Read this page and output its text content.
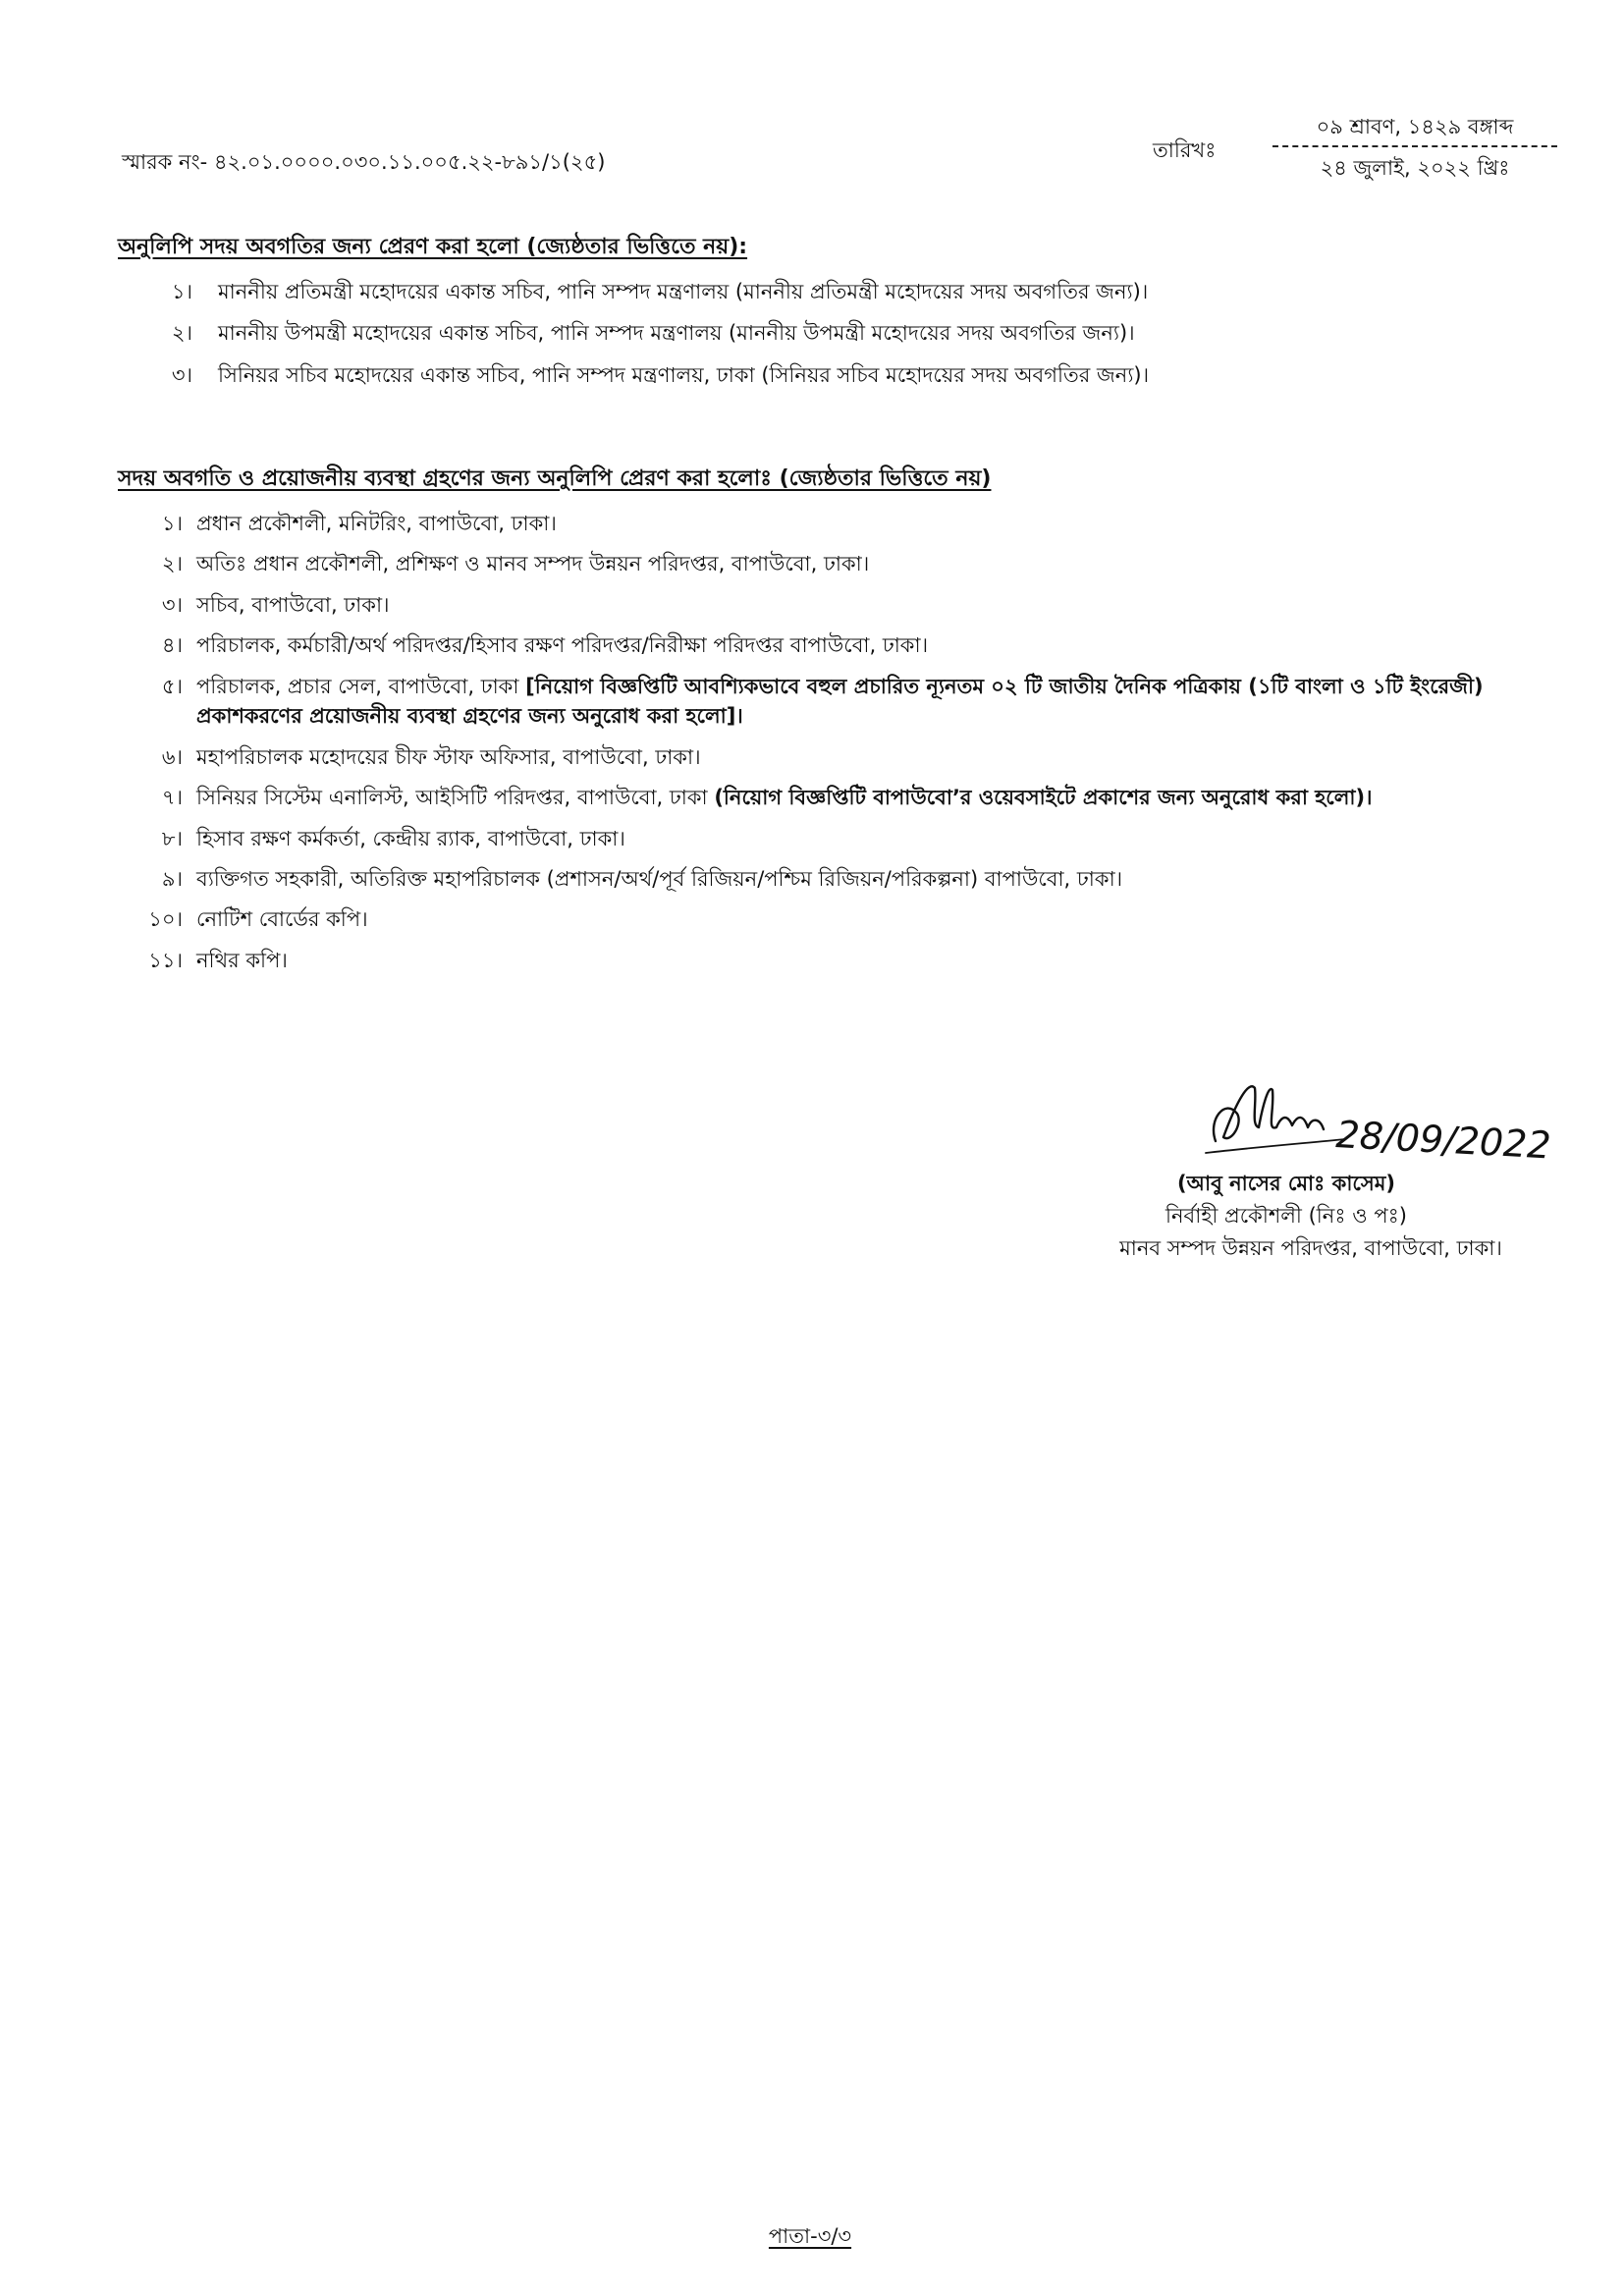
স্মারক নং- ৪২.০১.০০০০.০৩০.১১.০০৫.২২-৮৯১/১(২৫)	তারিখঃ
০৯ শ্রাবণ, ১৪২৯ বঙ্গাব্দ
২৪ জুলাই, ২০২২ খ্রিঃ
অনুলিপি সদয় অবগতির জন্য প্রেরণ করা হলো (জ্যেষ্ঠতার ভিত্তিতে নয়):
১।	মাননীয় প্রতিমন্ত্রী মহোদয়ের একান্ত সচিব, পানি সম্পদ মন্ত্রণালয় (মাননীয় প্রতিমন্ত্রী মহোদয়ের সদয় অবগতির জন্য)।
২।	মাননীয় উপমন্ত্রী মহোদয়ের একান্ত সচিব, পানি সম্পদ মন্ত্রণালয় (মাননীয় উপমন্ত্রী মহোদয়ের সদয় অবগতির জন্য)।
৩।	সিনিয়র সচিব মহোদয়ের একান্ত সচিব, পানি সম্পদ মন্ত্রণালয়, ঢাকা (সিনিয়র সচিব মহোদয়ের সদয় অবগতির জন্য)।
সদয় অবগতি ও প্রয়োজনীয় ব্যবস্থা গ্রহণের জন্য অনুলিপি প্রেরণ করা হলোঃ (জ্যেষ্ঠতার ভিত্তিতে নয়)
১। প্রধান প্রকৌশলী, মনিটরিং, বাপাউবো, ঢাকা।
২। অতিঃ প্রধান প্রকৌশলী, প্রশিক্ষণ ও মানব সম্পদ উন্নয়ন পরিদপ্তর, বাপাউবো, ঢাকা।
৩। সচিব, বাপাউবো, ঢাকা।
৪। পরিচালক, কর্মচারী/অর্থ পরিদপ্তর/হিসাব রক্ষণ পরিদপ্তর/নিরীক্ষা পরিদপ্তর বাপাউবো, ঢাকা।
৫। পরিচালক, প্রচার সেল, বাপাউবো, ঢাকা [নিয়োগ বিজ্ঞপ্তিটি আবশ্যিকভাবে বহুল প্রচারিত ন্যূনতম ০২ টি জাতীয় দৈনিক পত্রিকায় (১টি বাংলা ও ১টি ইংরেজী) প্রকাশকরণের প্রয়োজনীয় ব্যবস্থা গ্রহণের জন্য অনুরোধ করা হলো]।
৬। মহাপরিচালক মহোদয়ের চীফ স্টাফ অফিসার, বাপাউবো, ঢাকা।
৭। সিনিয়র সিস্টেম এনালিস্ট, আইসিটি পরিদপ্তর, বাপাউবো, ঢাকা (নিয়োগ বিজ্ঞপ্তিটি বাপাউবো’র ওয়েবসাইটে প্রকাশের জন্য অনুরোধ করা হলো)।
৮। হিসাব রক্ষণ কর্মকর্তা, কেন্দ্রীয় র‌্যাক, বাপাউবো, ঢাকা।
৯। ব্যক্তিগত সহকারী, অতিরিক্ত মহাপরিচালক (প্রশাসন/অর্থ/পূর্ব রিজিয়ন/পশ্চিম রিজিয়ন/পরিকল্পনা) বাপাউবো, ঢাকা।
১০। নোটিশ বোর্ডের কপি।
১১। নথির কপি।
28/09/2022
(আবু নাসের মোঃ কাসেম)
নির্বাহী প্রকৌশলী (নিঃ ও পঃ)
মানব সম্পদ উন্নয়ন পরিদপ্তর, বাপাউবো, ঢাকা।
পাতা-৩/৩
